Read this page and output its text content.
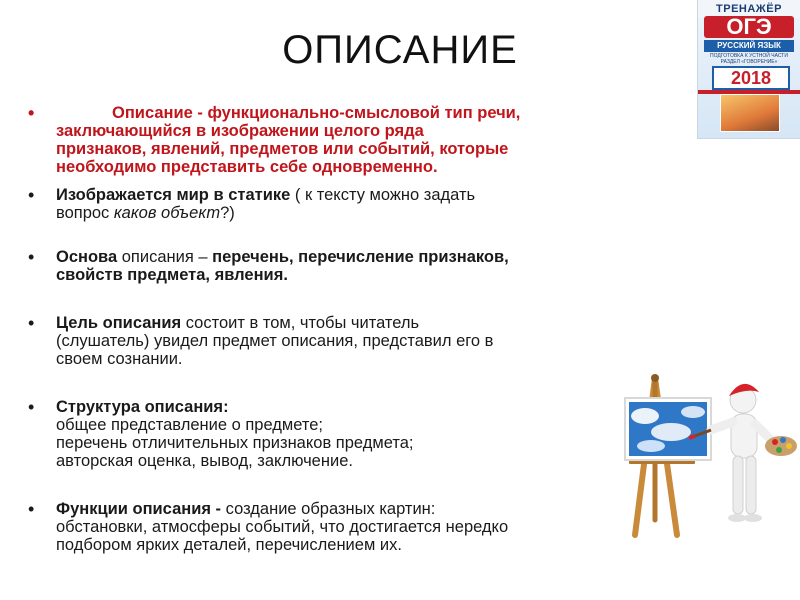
ОПИСАНИЕ
•	Описание - функционально-смысловой тип речи,
заключающийся в изображении целого ряда
признаков, явлений, предметов или событий, которые
необходимо представить себе одновременно.
• Изображается мир в статике ( к тексту можно задать
вопрос каков объект?)
• Основа описания – перечень, перечисление признаков,
свойств предмета, явления.
• Цель описания состоит в том, чтобы читатель
(слушатель) увидел предмет описания, представил его в
своем сознании.
• Структура описания:
общее представление о предмете;
перечень отличительных признаков предмета;
авторская оценка, вывод, заключение.
• Функции описания - создание образных картин:
обстановки, атмосферы событий, что достигается нередко
подбором ярких деталей, перечислением их.
ТРЕНАЖЁР
ОГЭ
РУССКИЙ ЯЗЫК
ПОДГОТОВКА К УСТНОЙ ЧАСТИ
РАЗДЕЛ «ГОВОРЕНИЕ»
2018
